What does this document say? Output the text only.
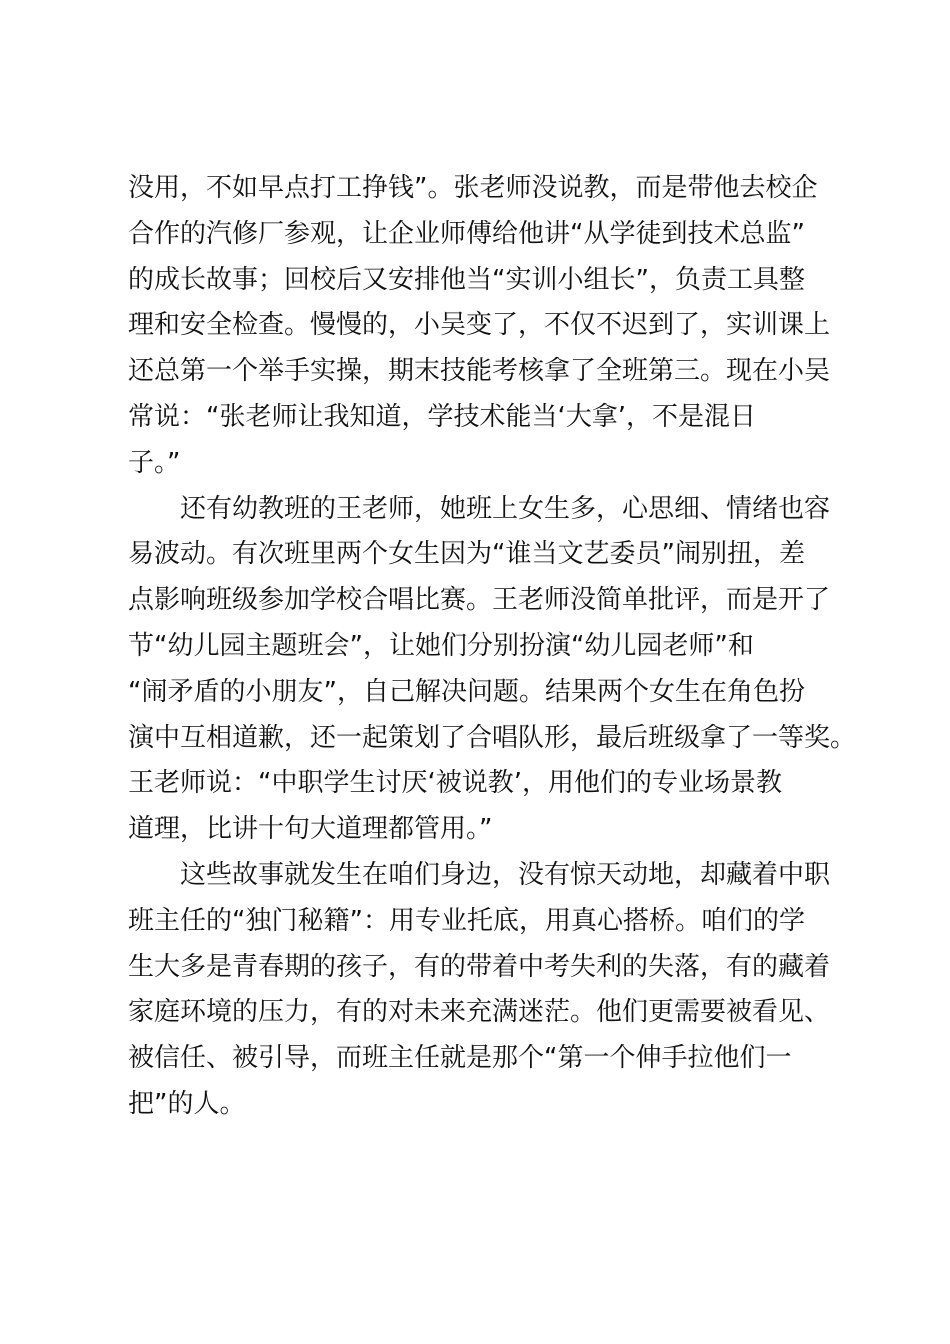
没用，不如早点打工挣钱”。张老师没说教，而是带他去校企
合作的汽修厂参观，让企业师傅给他讲“从学徒到技术总监”
的成长故事；回校后又安排他当“实训小组长”，负责工具整
理和安全检查。慢慢的，小吴变了，不仅不迟到了，实训课上
还总第一个举手实操，期末技能考核拿了全班第三。现在小吴
常说：“张老师让我知道，学技术能当‘大拿’，不是混日
子。”
　　还有幼教班的王老师，她班上女生多，心思细、情绪也容
易波动。有次班里两个女生因为“谁当文艺委员”闹别扭，差
点影响班级参加学校合唱比赛。王老师没简单批评，而是开了
节“幼儿园主题班会”，让她们分别扮演“幼儿园老师”和
“闹矛盾的小朋友”，自己解决问题。结果两个女生在角色扮
演中互相道歉，还一起策划了合唱队形，最后班级拿了一等奖。
王老师说：“中职学生讨厌‘被说教’，用他们的专业场景教
道理，比讲十句大道理都管用。”
　　这些故事就发生在咱们身边，没有惊天动地，却藏着中职
班主任的“独门秘籍”：用专业托底，用真心搭桥。咱们的学
生大多是青春期的孩子，有的带着中考失利的失落，有的藏着
家庭环境的压力，有的对未来充满迷茫。他们更需要被看见、
被信任、被引导，而班主任就是那个“第一个伸手拉他们一
把”的人。
